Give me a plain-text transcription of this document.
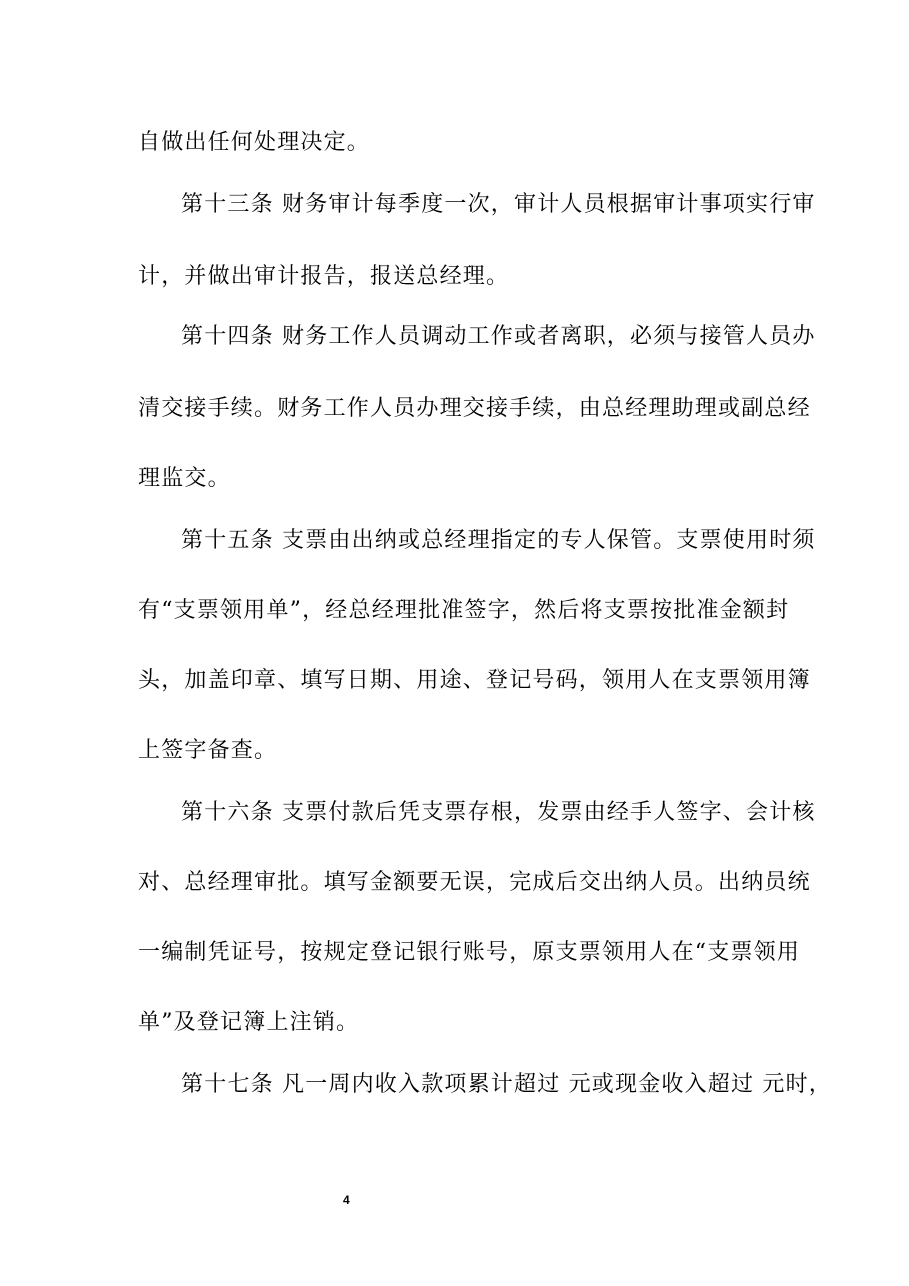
自做出任何处理决定。
第十三条 财务审计每季度一次，审计人员根据审计事项实行审
计，并做出审计报告，报送总经理。
第十四条 财务工作人员调动工作或者离职，必须与接管人员办
清交接手续。财务工作人员办理交接手续，由总经理助理或副总经
理监交。
第十五条 支票由出纳或总经理指定的专人保管。支票使用时须
有“支票领用单”，经总经理批准签字，然后将支票按批准金额封
头，加盖印章、填写日期、用途、登记号码，领用人在支票领用簿
上签字备查。
第十六条 支票付款后凭支票存根，发票由经手人签字、会计核
对、总经理审批。填写金额要无误，完成后交出纳人员。出纳员统
一编制凭证号，按规定登记银行账号，原支票领用人在“支票领用
单”及登记簿上注销。
第十七条 凡一周内收入款项累计超过 元或现金收入超过 元时，
4
